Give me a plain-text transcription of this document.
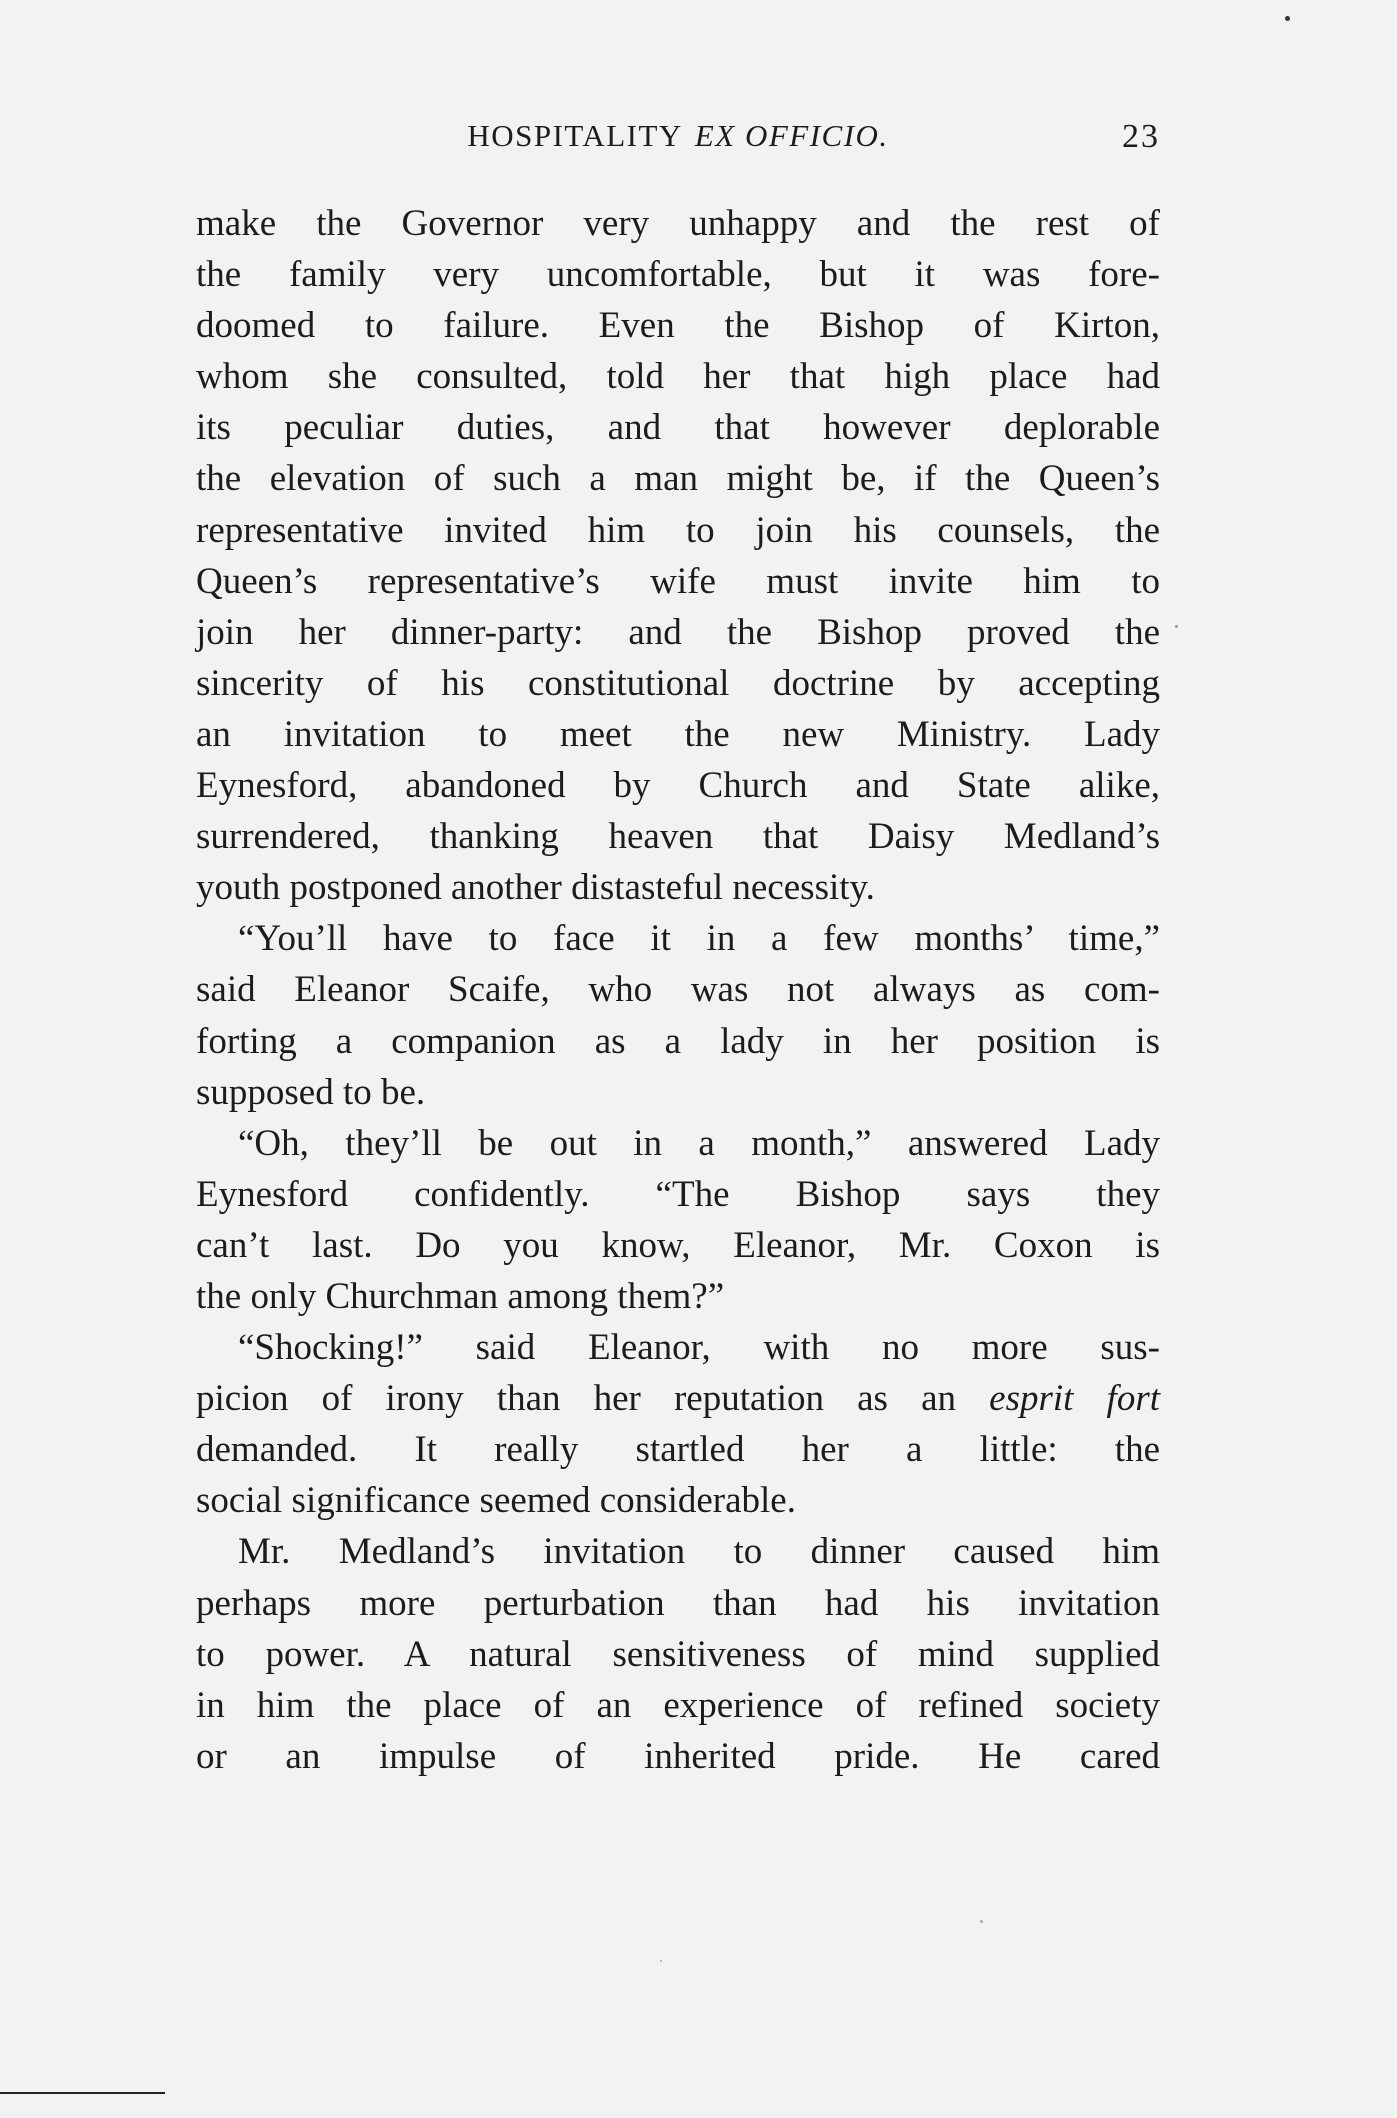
HOSPITALITY EX OFFICIO.	23
make the Governor very unhappy and the rest of
the family very uncomfortable, but it was fore-
doomed to failure. Even the Bishop of Kirton,
whom she consulted, told her that high place had
its peculiar duties, and that however deplorable
the elevation of such a man might be, if the Queen’s
representative invited him to join his counsels, the
Queen’s representative’s wife must invite him to
join her dinner-party: and the Bishop proved the
sincerity of his constitutional doctrine by accepting
an invitation to meet the new Ministry. Lady
Eynesford, abandoned by Church and State alike,
surrendered, thanking heaven that Daisy Medland’s
youth postponed another distasteful necessity.
“You’ll have to face it in a few months’ time,”
said Eleanor Scaife, who was not always as com-
forting a companion as a lady in her position is
supposed to be.
“Oh, they’ll be out in a month,” answered Lady
Eynesford confidently. “The Bishop says they
can’t last. Do you know, Eleanor, Mr. Coxon is
the only Churchman among them?”
“Shocking!” said Eleanor, with no more sus-
picion of irony than her reputation as an esprit fort
demanded. It really startled her a little: the
social significance seemed considerable.
Mr. Medland’s invitation to dinner caused him
perhaps more perturbation than had his invitation
to power. A natural sensitiveness of mind supplied
in him the place of an experience of refined society
or an impulse of inherited pride. He cared
